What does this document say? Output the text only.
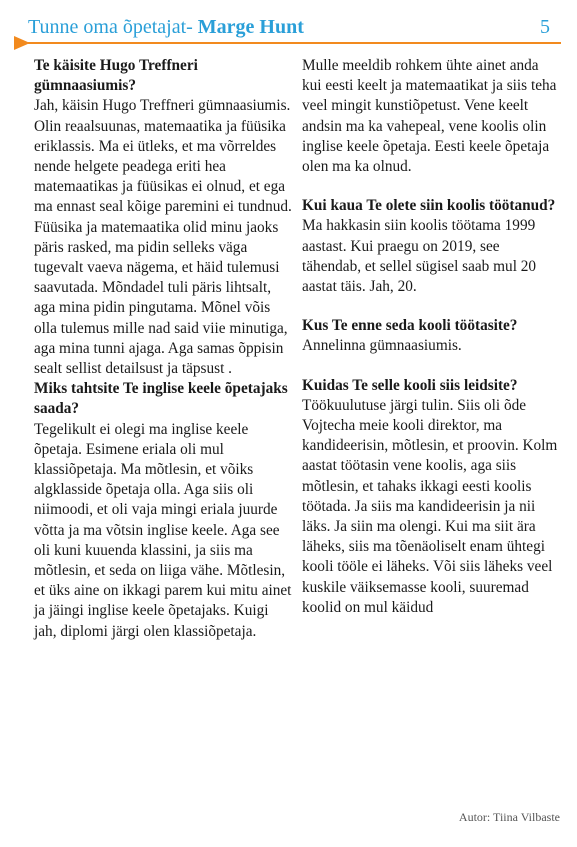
Tunne oma õpetajat- Marge Hunt	5

Te käisite Hugo Treffneri gümnaasiumis?

Jah, käisin Hugo Treffneri gümnaasiumis. Olin reaalsuunas, matemaatika ja füüsika eriklassis. Ma ei ütleks, et ma võrreldes nende helgete peadega eriti hea matemaatikas ja füüsikas ei olnud, et ega ma ennast seal kõige paremini ei tundnud. Füüsika ja matemaatika olid minu jaoks päris rasked, ma pidin selleks väga tugevalt vaeva nägema, et häid tulemusi saavutada. Mõndadel tuli päris lihtsalt, aga mina pidin pingutama. Mõnel võis olla tulemus mille nad said viie minutiga, aga mina tunni ajaga. Aga samas õppisin sealt sellist detailsust ja täpsust .

Miks tahtsite Te inglise keele õpetajaks saada?

Tegelikult ei olegi ma inglise keele õpetaja. Esimene eriala oli mul klassiõpetaja. Ma mõtlesin, et võiks algklasside õpetaja olla. Aga siis oli niimoodi, et oli vaja mingi eriala juurde võtta ja ma võtsin inglise keele. Aga see oli kuni kuuenda klassini, ja siis ma mõtlesin, et seda on liiga vähe. Mõtlesin, et üks aine on ikkagi parem kui mitu ainet ja jäingi inglise keele õpetajaks. Kuigi jah, diplomi järgi olen klassiõpetaja.

Mulle meeldib rohkem ühte ainet anda kui eesti keelt ja matemaatikat ja siis teha veel mingit kunstiõpetust. Vene keelt andsin ma ka vahepeal, vene koolis olin inglise keele õpetaja. Eesti keele õpetaja olen ma ka olnud.

Kui kaua Te olete siin koolis töötanud?

Ma hakkasin siin koolis töötama 1999 aastast. Kui praegu on 2019, see tähendab, et sellel sügisel saab mul 20 aastat täis. Jah, 20.

Kus Te enne seda kooli töötasite?

Annelinna gümnaasiumis.

Kuidas Te selle kooli siis leidsite?

Töökuulutuse järgi tulin. Siis oli õde Vojtecha meie kooli direktor, ma kandideerisin, mõtlesin, et proovin. Kolm aastat töötasin vene koolis, aga siis mõtlesin, et tahaks ikkagi eesti koolis töötada. Ja siis ma kandideerisin ja nii läks. Ja siin ma olengi. Kui ma siit ära läheks, siis ma tõenäoliselt enam ühtegi kooli tööle ei läheks. Või siis läheks veel kuskile väiksemasse kooli, suuremad koolid on mul käidud

Autor: Tiina Vilbaste
